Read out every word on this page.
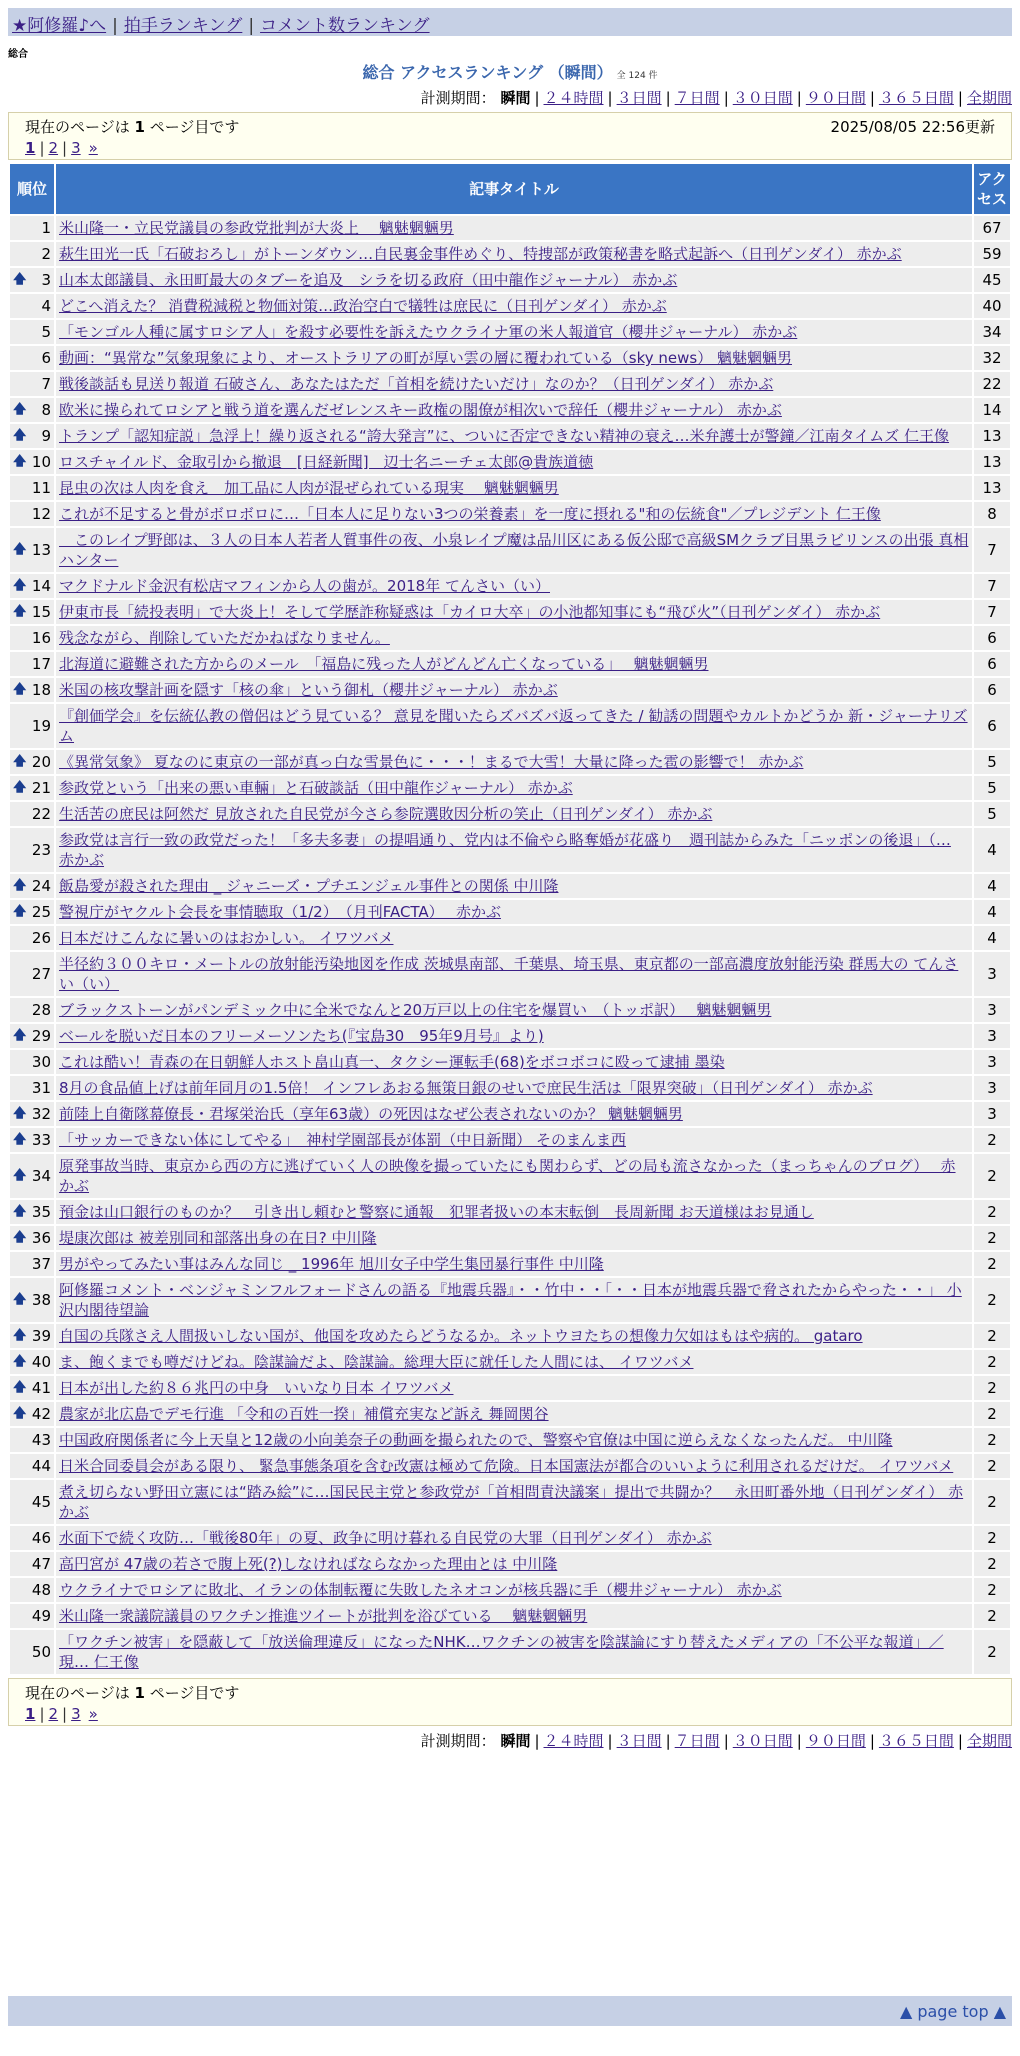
★阿修羅♪へ | 拍手ランキング | コメント数ランキング
総合
総合 アクセスランキング （瞬間） 全 124 件
計測期間： 瞬間 | ２４時間 | ３日間 | ７日間 | ３０日間 | ９０日間 | ３６５日間 | 全期間
現在のページは 1 ページ目です	2025/08/05 22:56更新
1 | 2 | 3 »
順位	記事タイトル	アクセス
1	米山隆一・立民党議員の参政党批判が大炎上　 魑魅魍魎男	67
2	萩生田光一氏「石破おろし」がトーンダウン…自民裏金事件めぐり、特捜部が政策秘書を略式起訴へ（日刊ゲンダイ） 赤かぶ	59

🡅 3	山本太郎議員、永田町最大のタブーを追及　シラを切る政府（田中龍作ジャーナル） 赤かぶ	45
4	どこへ消えた？ 消費税減税と物価対策…政治空白で犠牲は庶民に（日刊ゲンダイ） 赤かぶ	40
5	「モンゴル人種に属すロシア人」を殺す必要性を訴えたウクライナ軍の米人報道官（櫻井ジャーナル） 赤かぶ	34
6	動画：“異常な”気象現象により、オーストラリアの町が厚い雲の層に覆われている（sky news） 魑魅魍魎男	32
7	戦後談話も見送り報道 石破さん、あなたはただ「首相を続けたいだけ」なのか？（日刊ゲンダイ） 赤かぶ	22

🡅 8	欧米に操られてロシアと戦う道を選んだゼレンスキー政権の閣僚が相次いで辞任（櫻井ジャーナル） 赤かぶ	14

🡅 9	トランプ「認知症説」急浮上！繰り返される“誇大発言”に、ついに否定できない精神の衰え…米弁護士が警鐘／江南タイムズ 仁王像	13

🡅 10	ロスチャイルド、金取引から撤退　[日経新聞]　辺士名ニーチェ太郎@貴族道徳	13
11	昆虫の次は人肉を食え　加工品に人肉が混ぜられている現実　 魑魅魍魎男	13
12	これが不足すると骨がボロボロに…「日本人に足りない3つの栄養素」を一度に摂れる"和の伝統食"／プレジデント 仁王像	8

🡅 13	　このレイプ野郎は、３人の日本人若者人質事件の夜、小泉レイプ魔は品川区にある仮公邸で高級SMクラブ目黒ラビリンスの出張 真相ハンター	7

🡅 14	マクドナルド金沢有松店マフィンから人の歯が。2018年 てんさい（い）	7

🡅 15	伊東市長「続投表明」で大炎上！そして学歴詐称疑惑は「カイロ大卒」の小池都知事にも“飛び火”（日刊ゲンダイ） 赤かぶ	7
16	残念ながら、削除していただかねばなりません。	6
17	北海道に避難された方からのメール　「福島に残った人がどんどん亡くなっている」　 魑魅魍魎男	6

🡅 18	米国の核攻撃計画を隠す「核の傘」という御札（櫻井ジャーナル） 赤かぶ	6
19	『創価学会』を伝統仏教の僧侶はどう見ている？ 意見を聞いたらズバズバ返ってきた / 勧誘の問題やカルトかどうか 新・ジャーナリズム	6

🡅 20	《異常気象》 夏なのに東京の一部が真っ白な雪景色に・・・！まるで大雪！大量に降った雹の影響で！ 赤かぶ	5

🡅 21	参政党という「出来の悪い車輛」と石破談話（田中龍作ジャーナル） 赤かぶ	5
22	生活苦の庶民は阿然だ 見放された自民党が今さら参院選敗因分析の笑止（日刊ゲンダイ） 赤かぶ	5
23	参政党は言行一致の政党だった！「多夫多妻」の提唱通り、党内は不倫やら略奪婚が花盛り　週刊誌からみた「ニッポンの後退」（… 赤かぶ	4

🡅 24	飯島愛が殺された理由 _ ジャニーズ・プチエンジェル事件との関係 中川隆	4

🡅 25	警視庁がヤクルト会長を事情聴取（1/2）　（月刊FACTA）　 赤かぶ	4
26	日本だけこんなに暑いのはおかしい。 イワツバメ	4
27	半径約３００キロ・メートルの放射能汚染地図を作成 茨城県南部、千葉県、埼玉県、東京都の一部高濃度放射能汚染 群馬大の てんさい（い）	3
28	ブラックストーンがパンデミック中に全米でなんと20万戸以上の住宅を爆買い　（トッポ訳）　 魑魅魍魎男	3

🡅 29	ベールを脱いだ日本のフリーメーソンたち(『宝島30　95年9月号』より)	3
30	これは酷い！青森の在日朝鮮人ホスト畠山真一、タクシー運転手(68)をボコボコに殴って逮捕 墨染	3
31	8月の食品値上げは前年同月の1.5倍！ インフレあおる無策日銀のせいで庶民生活は「限界突破」（日刊ゲンダイ） 赤かぶ	3

🡅 32	前陸上自衛隊幕僚長・君塚栄治氏（享年63歳）の死因はなぜ公表されないのか？ 魑魅魍魎男	3

🡅 33	「サッカーできない体にしてやる」　神村学園部長が体罰（中日新聞） そのまんま西	2

🡅 34	原発事故当時、東京から西の方に逃げていく人の映像を撮っていたにも関わらず、どの局も流さなかった（まっちゃんのブログ）　 赤かぶ	2

🡅 35	預金は山口銀行のものか？　引き出し頼むと警察に通報　犯罪者扱いの本末転倒　長周新聞 お天道様はお見通し	2

🡅 36	堤康次郎は 被差別同和部落出身の在日? 中川隆	2
37	男がやってみたい事はみんな同じ _ 1996年 旭川女子中学生集団暴行事件 中川隆	2

🡅 38	阿修羅コメント・ベンジャミンフルフォードさんの語る『地震兵器』・・竹中・・「・・日本が地震兵器で脅されたからやった・・」 小沢内閣待望論	2

🡅 39	自国の兵隊さえ人間扱いしない国が、他国を攻めたらどうなるか。ネットウヨたちの想像力欠如はもはや病的。 gataro	2

🡅 40	ま、飽くまでも噂だけどね。陰謀論だよ、陰謀論。総理大臣に就任した人間には、 イワツバメ	2

🡅 41	日本が出した約８６兆円の中身　いいなり日本 イワツバメ	2

🡅 42	農家が北広島でデモ行進 「令和の百姓一揆」補償充実など訴え 舞岡関谷	2
43	中国政府関係者に今上天皇と12歳の小向美奈子の動画を撮られたので、警察や官僚は中国に逆らえなくなったんだ。 中川隆	2
44	日米合同委員会がある限り、 緊急事態条項を含む改憲は極めて危険。日本国憲法が都合のいいように利用されるだけだ。 イワツバメ	2
45	煮え切らない野田立憲には“踏み絵”に…国民民主党と参政党が「首相問責決議案」提出で共闘か？　永田町番外地（日刊ゲンダイ） 赤かぶ	2
46	水面下で続く攻防…「戦後80年」の夏、政争に明け暮れる自民党の大罪（日刊ゲンダイ） 赤かぶ	2
47	高円宮が 47歳の若さで腹上死(?)しなければならなかった理由とは 中川隆	2
48	ウクライナでロシアに敗北、イランの体制転覆に失敗したネオコンが核兵器に手（櫻井ジャーナル） 赤かぶ	2
49	米山隆一衆議院議員のワクチン推進ツイートが批判を浴びている　 魑魅魍魎男	2
50	「ワクチン被害」を隠蔽して「放送倫理違反」になったNHK…ワクチンの被害を陰謀論にすり替えたメディアの「不公平な報道」／現… 仁王像	2
現在のページは 1 ページ目です
1 | 2 | 3 »
計測期間： 瞬間 | ２４時間 | ３日間 | ７日間 | ３０日間 | ９０日間 | ３６５日間 | 全期間
▲ page top ▲
